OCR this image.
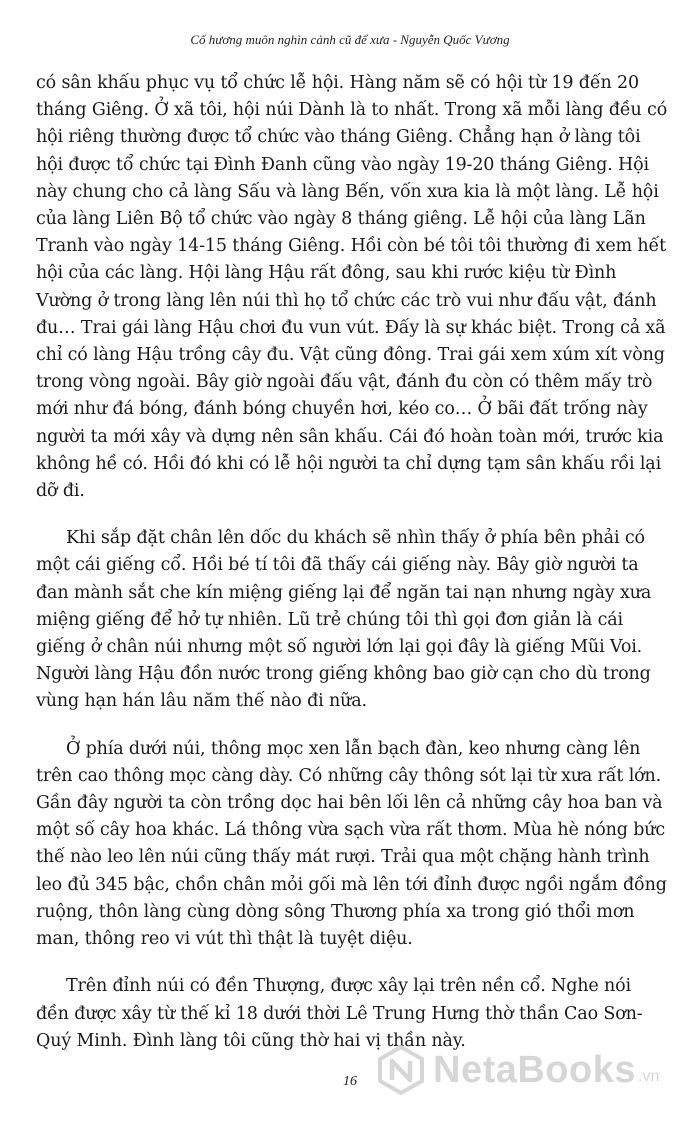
Cố hương muôn nghìn cảnh cũ để xưa - Nguyễn Quốc Vương

có sân khấu phục vụ tổ chức lễ hội. Hàng năm sẽ có hội từ 19 đến 20 tháng Giêng. Ở xã tôi, hội núi Dành là to nhất. Trong xã mỗi làng đều có hội riêng thường được tổ chức vào tháng Giêng. Chẳng hạn ở làng tôi hội được tổ chức tại Đình Đanh cũng vào ngày 19-20 tháng Giêng. Hội này chung cho cả làng Sấu và làng Bến, vốn xưa kia là một làng. Lễ hội của làng Liên Bộ tổ chức vào ngày 8 tháng giêng. Lễ hội của làng Lãn Tranh vào ngày 14-15 tháng Giêng. Hồi còn bé tôi tôi thường đi xem hết hội của các làng. Hội làng Hậu rất đông, sau khi rước kiệu từ Đình Vường ở trong làng lên núi thì họ tổ chức các trò vui như đấu vật, đánh đu… Trai gái làng Hậu chơi đu vun vút. Đấy là sự khác biệt. Trong cả xã chỉ có làng Hậu trồng cây đu. Vật cũng đông. Trai gái xem xúm xít vòng trong vòng ngoài. Bây giờ ngoài đấu vật, đánh đu còn có thêm mấy trò mới như đá bóng, đánh bóng chuyền hơi, kéo co… Ở bãi đất trống này người ta mới xây và dựng nên sân khấu. Cái đó hoàn toàn mới, trước kia không hề có. Hồi đó khi có lễ hội người ta chỉ dựng tạm sân khấu rồi lại dỡ đi.

Khi sắp đặt chân lên dốc du khách sẽ nhìn thấy ở phía bên phải có một cái giếng cổ. Hồi bé tí tôi đã thấy cái giếng này. Bây giờ người ta đan mành sắt che kín miệng giếng lại để ngăn tai nạn nhưng ngày xưa miệng giếng để hở tự nhiên. Lũ trẻ chúng tôi thì gọi đơn giản là cái giếng ở chân núi nhưng một số người lớn lại gọi đây là giếng Mũi Voi. Người làng Hậu đồn nước trong giếng không bao giờ cạn cho dù trong vùng hạn hán lâu năm thế nào đi nữa.

Ở phía dưới núi, thông mọc xen lẫn bạch đàn, keo nhưng càng lên trên cao thông mọc càng dày. Có những cây thông sót lại từ xưa rất lớn. Gần đây người ta còn trồng dọc hai bên lối lên cả những cây hoa ban và một số cây hoa khác. Lá thông vừa sạch vừa rất thơm. Mùa hè nóng bức thế nào leo lên núi cũng thấy mát rượi. Trải qua một chặng hành trình leo đủ 345 bậc, chồn chân mỏi gối mà lên tới đỉnh được ngồi ngắm đồng ruộng, thôn làng cùng dòng sông Thương phía xa trong gió thổi mơn man, thông reo vi vút thì thật là tuyệt diệu.

Trên đỉnh núi có đền Thượng, được xây lại trên nền cổ. Nghe nói đền được xây từ thế kỉ 18 dưới thời Lê Trung Hưng thờ thần Cao Sơn-Quý Minh. Đình làng tôi cũng thờ hai vị thần này.

16	NetaBooks .vn
